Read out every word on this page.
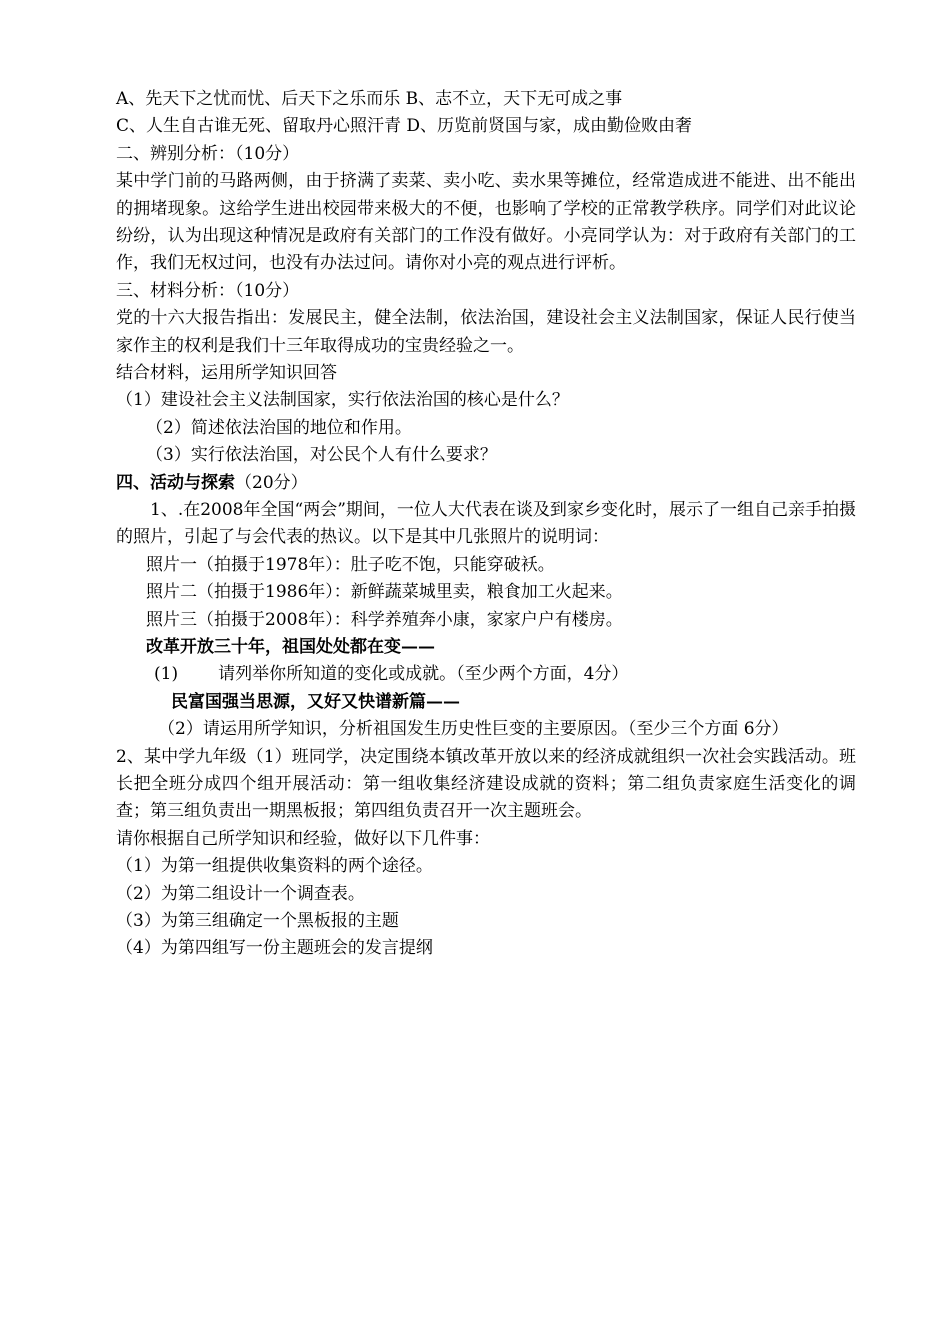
A、先天下之忧而忧、后天下之乐而乐 B、志不立，天下无可成之事
C、人生自古谁无死、留取丹心照汗青 D、历览前贤国与家，成由勤俭败由奢
二、辨别分析：（10分）
某中学门前的马路两侧，由于挤满了卖菜、卖小吃、卖水果等摊位，经常造成进不能进、出不能出的拥堵现象。这给学生进出校园带来极大的不便，也影响了学校的正常教学秩序。同学们对此议论纷纷，认为出现这种情况是政府有关部门的工作没有做好。小亮同学认为：对于政府有关部门的工作，我们无权过问，也没有办法过问。请你对小亮的观点进行评析。
三、材料分析：（10分）
党的十六大报告指出：发展民主，健全法制，依法治国，建设社会主义法制国家，保证人民行使当家作主的权利是我们十三年取得成功的宝贵经验之一。
结合材料，运用所学知识回答
（1）建设社会主义法制国家，实行依法治国的核心是什么？
（2）简述依法治国的地位和作用。
（3）实行依法治国，对公民个人有什么要求？
四、活动与探索（20分）
1、.在2008年全国“两会”期间，一位人大代表在谈及到家乡变化时，展示了一组自己亲手拍摄的照片，引起了与会代表的热议。以下是其中几张照片的说明词：
照片一（拍摄于1978年）：肚子吃不饱，只能穿破袄。
照片二（拍摄于1986年）：新鲜蔬菜城里卖，粮食加工火起来。
照片三（拍摄于2008年）：科学养殖奔小康，家家户户有楼房。
改革开放三十年，祖国处处都在变——
(1) 请列举你所知道的变化或成就。（至少两个方面，4分）
民富国强当思源，又好又快谱新篇——
（2）请运用所学知识，分析祖国发生历史性巨变的主要原因。（至少三个方面 6分）
2、某中学九年级（1）班同学，决定围绕本镇改革开放以来的经济成就组织一次社会实践活动。班长把全班分成四个组开展活动：第一组收集经济建设成就的资料；第二组负责家庭生活变化的调查；第三组负责出一期黑板报；第四组负责召开一次主题班会。
请你根据自己所学知识和经验，做好以下几件事：
（1）为第一组提供收集资料的两个途径。
（2）为第二组设计一个调查表。
（3）为第三组确定一个黑板报的主题
（4）为第四组写一份主题班会的发言提纲
